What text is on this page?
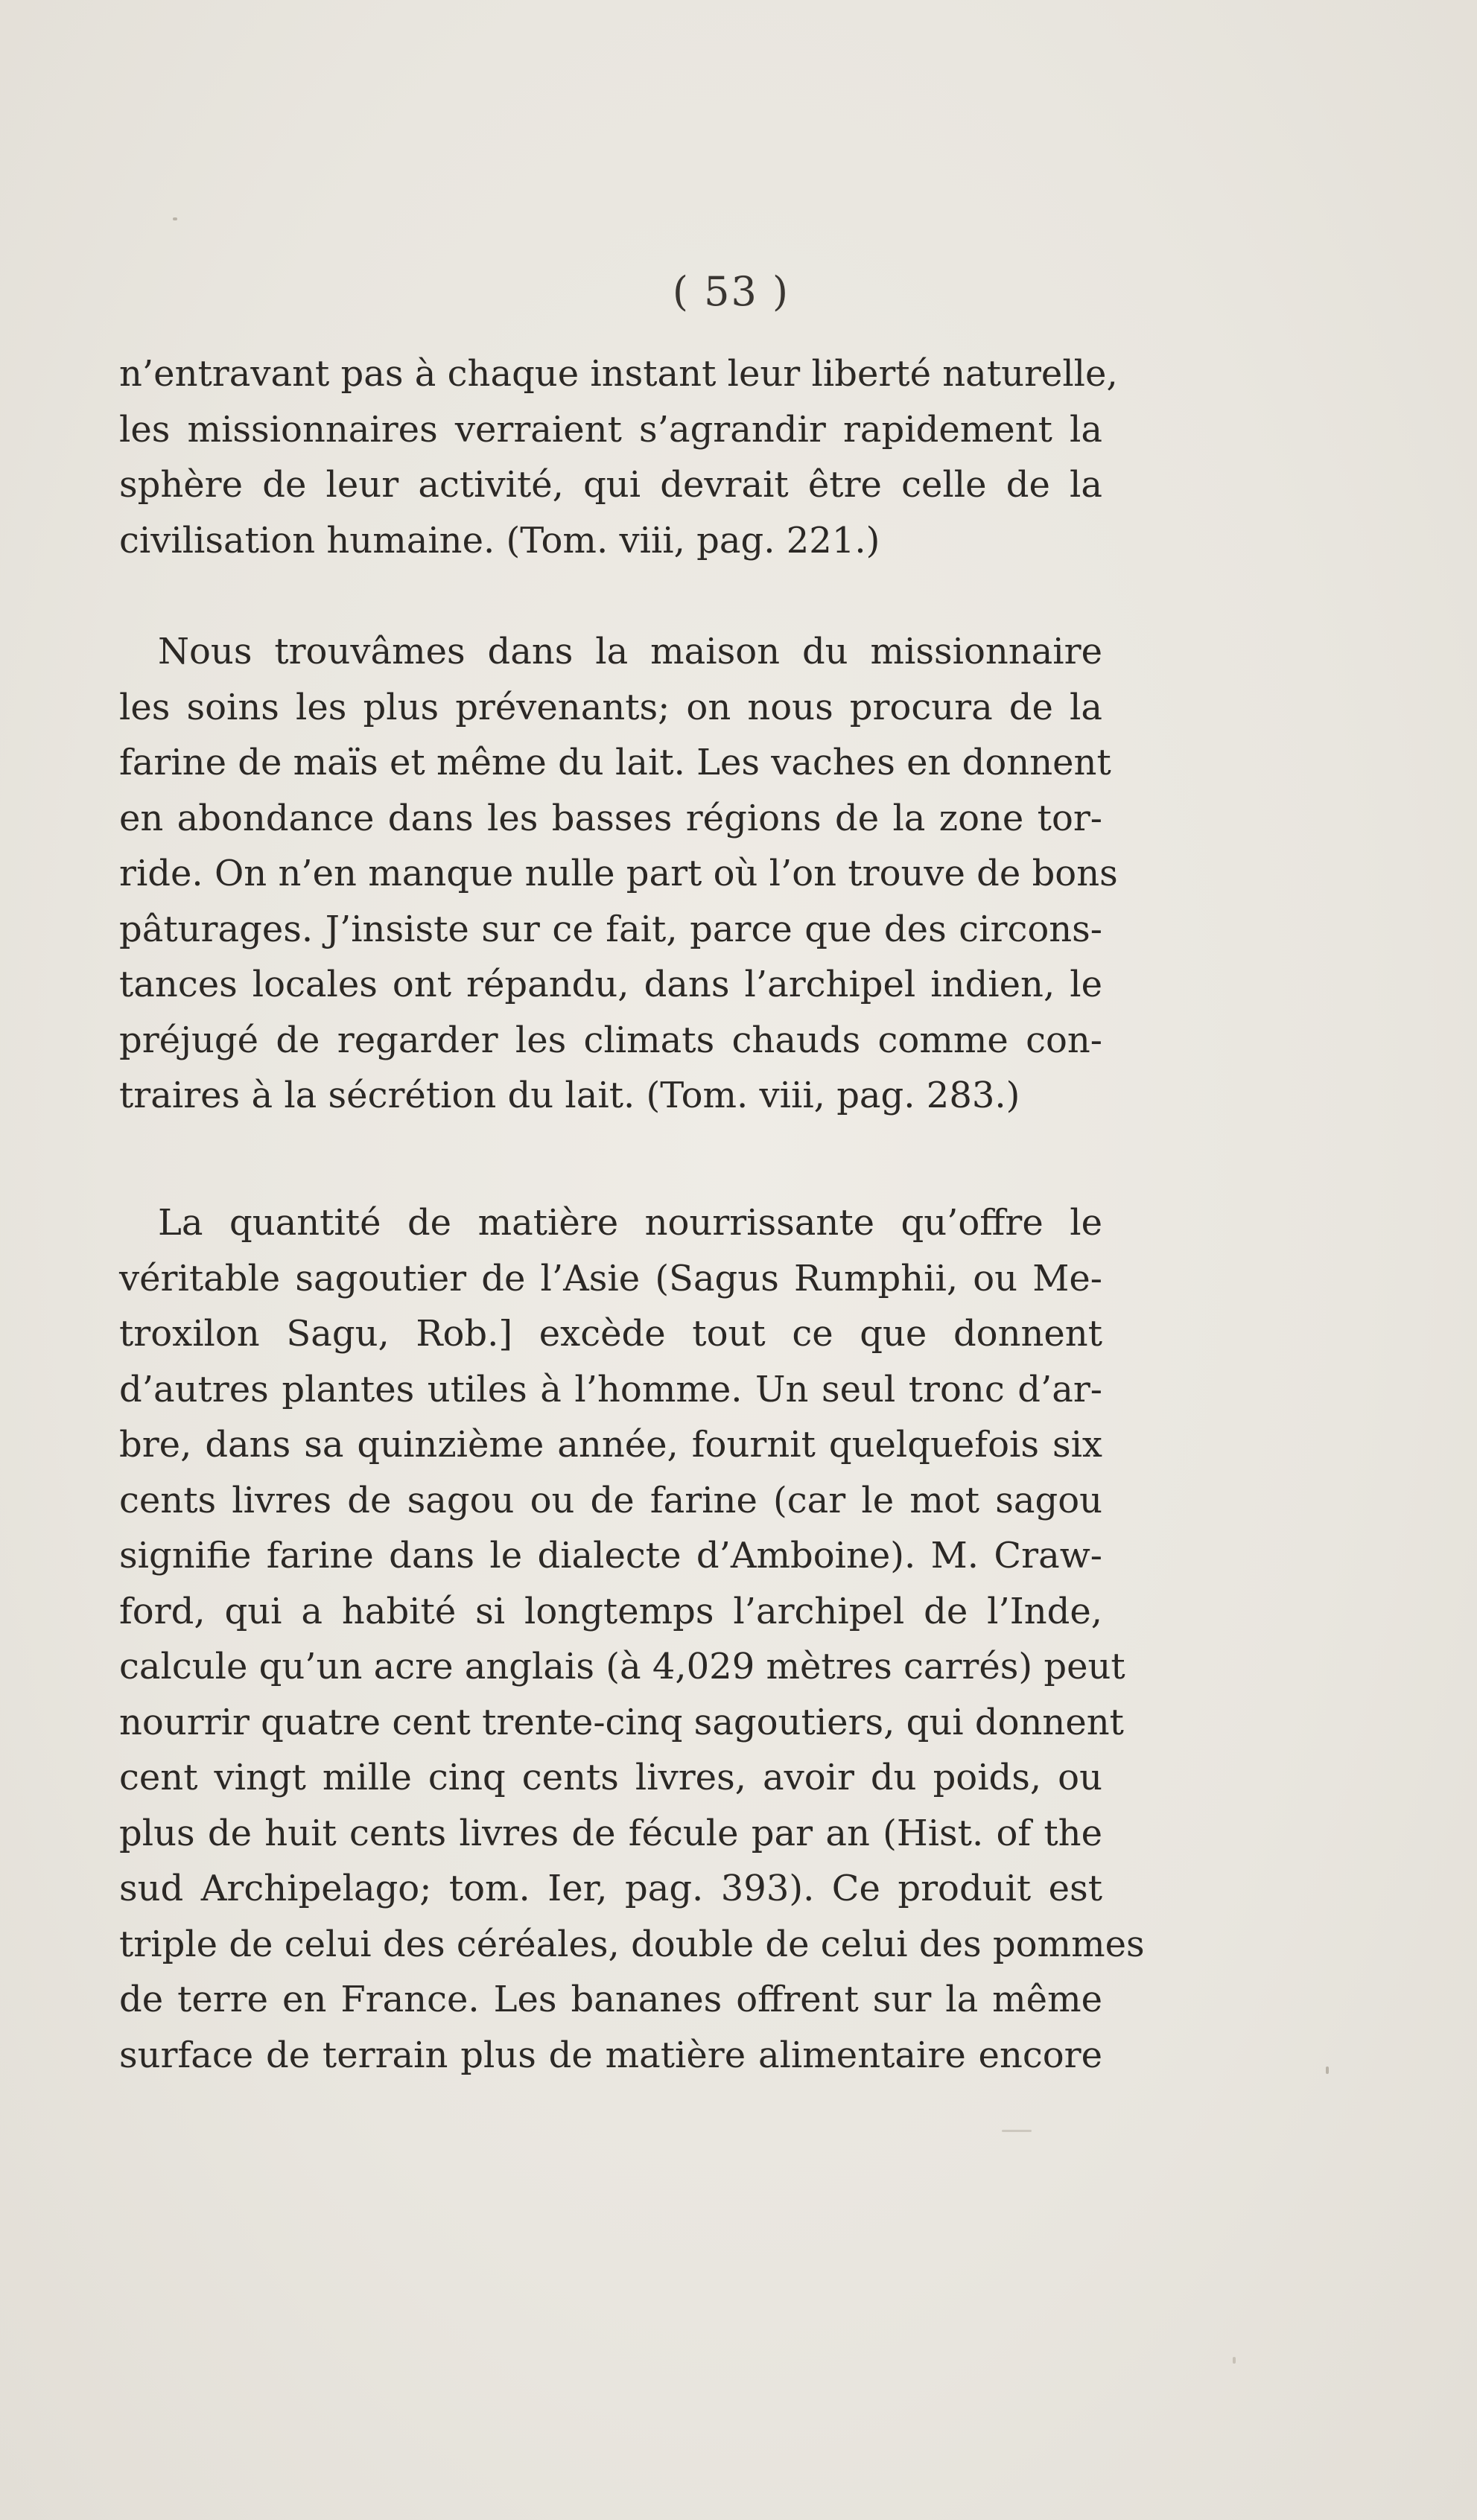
( 53 )
n’entravant pas à chaque instant leur liberté naturelle,
les missionnaires verraient s’agrandir rapidement la
sphère de leur activité, qui devrait être celle de la
civilisation humaine. (Tom. viii, pag. 221.)
Nous trouvâmes dans la maison du missionnaire
les soins les plus prévenants; on nous procura de la
farine de maïs et même du lait. Les vaches en donnent
en abondance dans les basses régions de la zone tor-
ride. On n’en manque nulle part où l’on trouve de bons
pâturages. J’insiste sur ce fait, parce que des circons-
tances locales ont répandu, dans l’archipel indien, le
préjugé de regarder les climats chauds comme con-
traires à la sécrétion du lait. (Tom. viii, pag. 283.)
La quantité de matière nourrissante qu’offre le
véritable sagoutier de l’Asie (Sagus Rumphii, ou Me-
troxilon Sagu, Rob.] excède tout ce que donnent
d’autres plantes utiles à l’homme. Un seul tronc d’ar-
bre, dans sa quinzième année, fournit quelquefois six
cents livres de sagou ou de farine (car le mot sagou
signifie farine dans le dialecte d’Amboine). M. Craw-
ford, qui a habité si longtemps l’archipel de l’Inde,
calcule qu’un acre anglais (à 4,029 mètres carrés) peut
nourrir quatre cent trente-cinq sagoutiers, qui donnent
cent vingt mille cinq cents livres, avoir du poids, ou
plus de huit cents livres de fécule par an (Hist. of the
sud Archipelago; tom. Ier, pag. 393). Ce produit est
triple de celui des céréales, double de celui des pommes
de terre en France. Les bananes offrent sur la même
surface de terrain plus de matière alimentaire encore
